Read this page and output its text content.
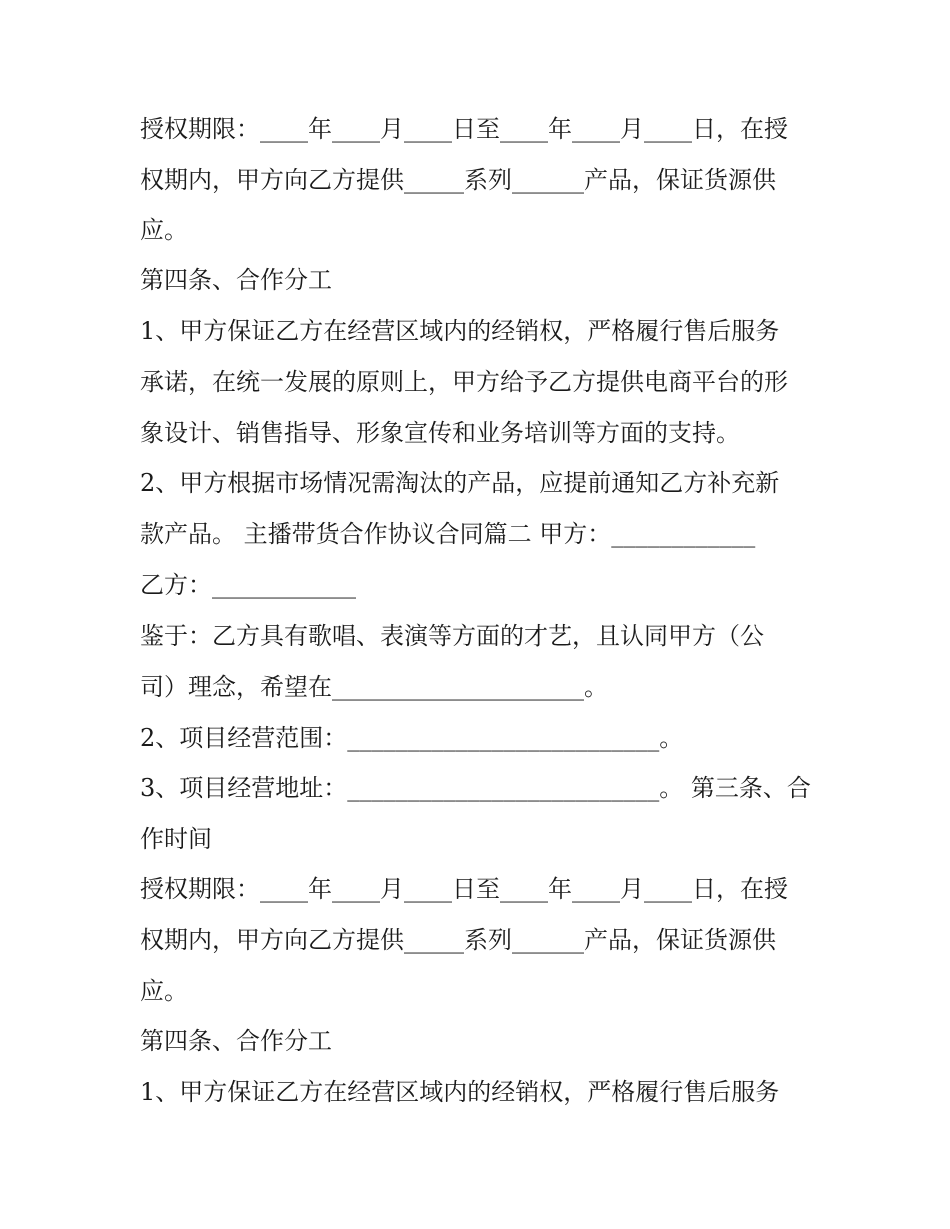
授权期限：____年____月____日至____年____月____日，在授
权期内，甲方向乙方提供_____系列______产品，保证货源供
应。
第四条、合作分工
1、甲方保证乙方在经营区域内的经销权，严格履行售后服务
承诺，在统一发展的原则上，甲方给予乙方提供电商平台的形
象设计、销售指导、形象宣传和业务培训等方面的支持。
2、甲方根据市场情况需淘汰的产品，应提前通知乙方补充新
款产品。 主播带货合作协议合同篇二 甲方：____________
乙方：____________
鉴于：乙方具有歌唱、表演等方面的才艺，且认同甲方（公
司）理念，希望在_____________________。
2、项目经营范围：__________________________。
3、项目经营地址：__________________________。 第三条、合
作时间
授权期限：____年____月____日至____年____月____日，在授
权期内，甲方向乙方提供_____系列______产品，保证货源供
应。
第四条、合作分工
1、甲方保证乙方在经营区域内的经销权，严格履行售后服务
